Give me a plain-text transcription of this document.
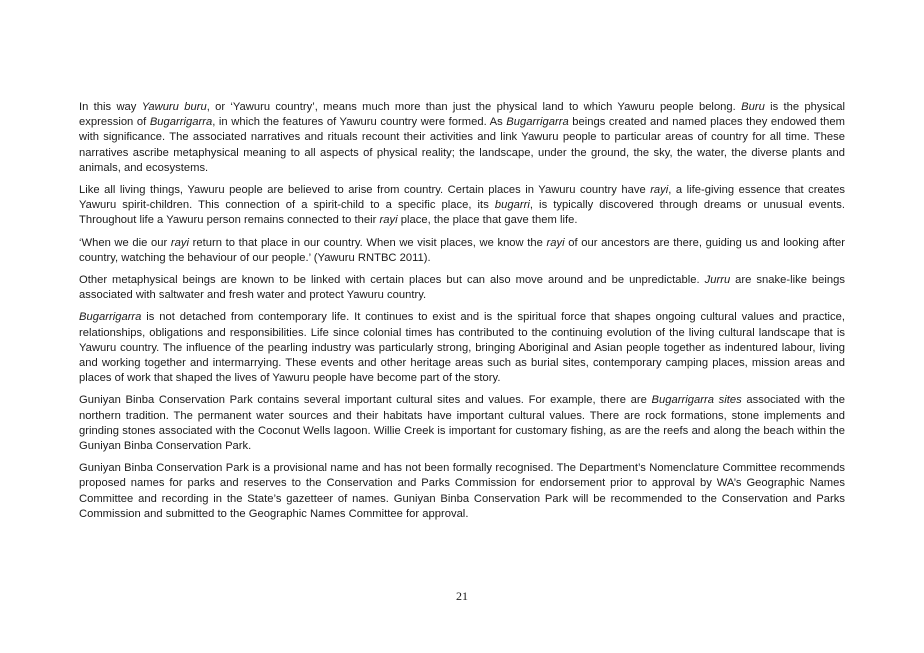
In this way Yawuru buru, or ‘Yawuru country’, means much more than just the physical land to which Yawuru people belong. Buru is the physical expression of Bugarrigarra, in which the features of Yawuru country were formed. As Bugarrigarra beings created and named places they endowed them with significance. The associated narratives and rituals recount their activities and link Yawuru people to particular areas of country for all time. These narratives ascribe metaphysical meaning to all aspects of physical reality; the landscape, under the ground, the sky, the water, the diverse plants and animals, and ecosystems.

Like all living things, Yawuru people are believed to arise from country. Certain places in Yawuru country have rayi, a life-giving essence that creates Yawuru spirit-children. This connection of a spirit-child to a specific place, its bugarri, is typically discovered through dreams or unusual events. Throughout life a Yawuru person remains connected to their rayi place, the place that gave them life.

‘When we die our rayi return to that place in our country. When we visit places, we know the rayi of our ancestors are there, guiding us and looking after country, watching the behaviour of our people.’ (Yawuru RNTBC 2011).

Other metaphysical beings are known to be linked with certain places but can also move around and be unpredictable. Jurru are snake-like beings associated with saltwater and fresh water and protect Yawuru country.

Bugarrigarra is not detached from contemporary life. It continues to exist and is the spiritual force that shapes ongoing cultural values and practice, relationships, obligations and responsibilities. Life since colonial times has contributed to the continuing evolution of the living cultural landscape that is Yawuru country. The influence of the pearling industry was particularly strong, bringing Aboriginal and Asian people together as indentured labour, living and working together and intermarrying. These events and other heritage areas such as burial sites, contemporary camping places, mission areas and places of work that shaped the lives of Yawuru people have become part of the story.

Guniyan Binba Conservation Park contains several important cultural sites and values. For example, there are Bugarrigarra sites associated with the northern tradition. The permanent water sources and their habitats have important cultural values. There are rock formations, stone implements and grinding stones associated with the Coconut Wells lagoon. Willie Creek is important for customary fishing, as are the reefs and along the beach within the Guniyan Binba Conservation Park.

Guniyan Binba Conservation Park is a provisional name and has not been formally recognised. The Department’s Nomenclature Committee recommends proposed names for parks and reserves to the Conservation and Parks Commission for endorsement prior to approval by WA’s Geographic Names Committee and recording in the State’s gazetteer of names. Guniyan Binba Conservation Park will be recommended to the Conservation and Parks Commission and submitted to the Geographic Names Committee for approval.

21
